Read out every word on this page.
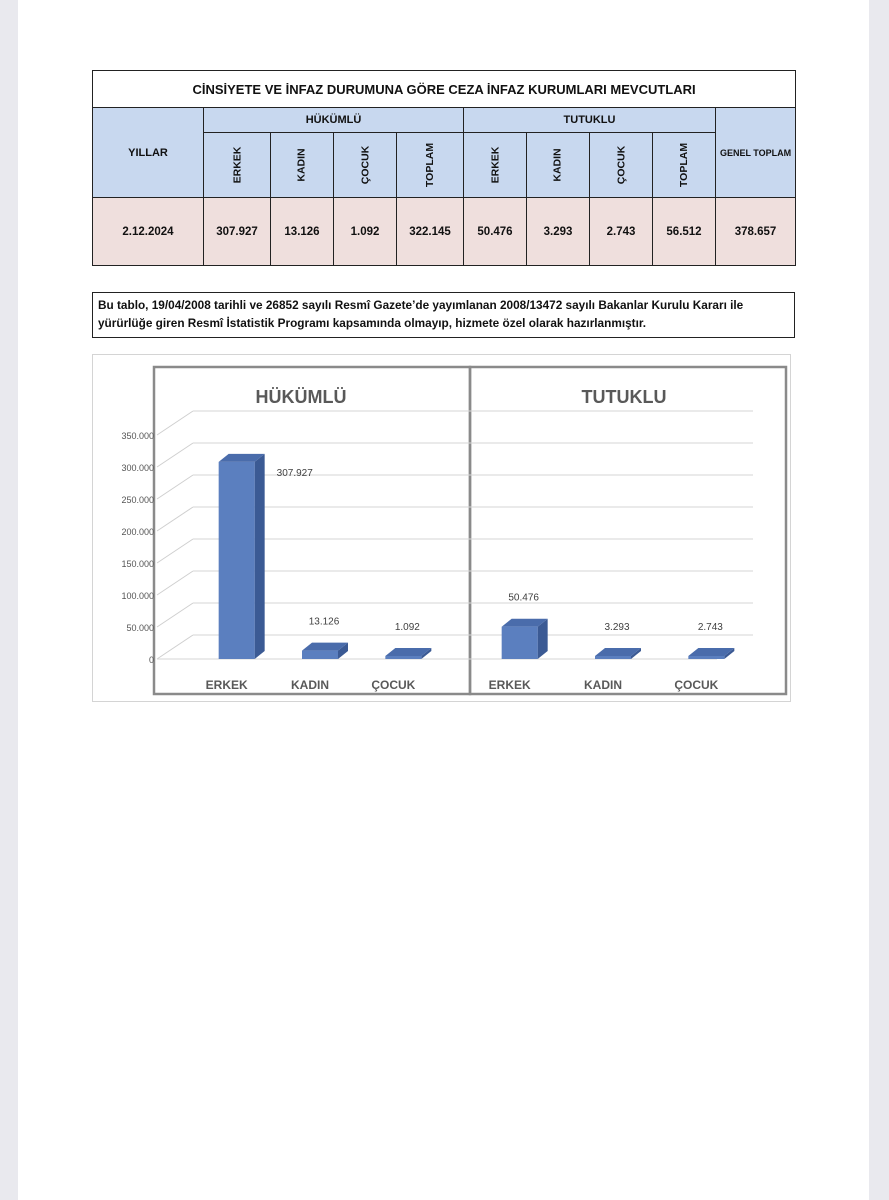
CİNSİYETE VE İNFAZ DURUMUNA GÖRE CEZA İNFAZ KURUMLARI MEVCUTLARI									
YILLAR	HÜKÜMLÜ				TUTUKLU				GENEL TOPLAM
	ERKEK	KADIN	ÇOCUK	TOPLAM	ERKEK	KADIN	ÇOCUK	TOPLAM	
2.12.2024	307.927	13.126	1.092	322.145	50.476	3.293	2.743	56.512	378.657
Bu tablo, 19/04/2008 tarihli ve 26852 sayılı Resmî Gazete’de yayımlanan 2008/13472 sayılı Bakanlar Kurulu Kararı ile
yürürlüğe giren Resmî İstatistik Programı kapsamında olmayıp, hizmete özel olarak hazırlanmıştır.
350.000
300.000
250.000
200.000
150.000
100.000
50.000
0
HÜKÜMLÜ
307.927
ERKEK
13.126
KADIN
1.092
ÇOCUK
TUTUKLU
50.476
ERKEK
3.293
KADIN
2.743
ÇOCUK
